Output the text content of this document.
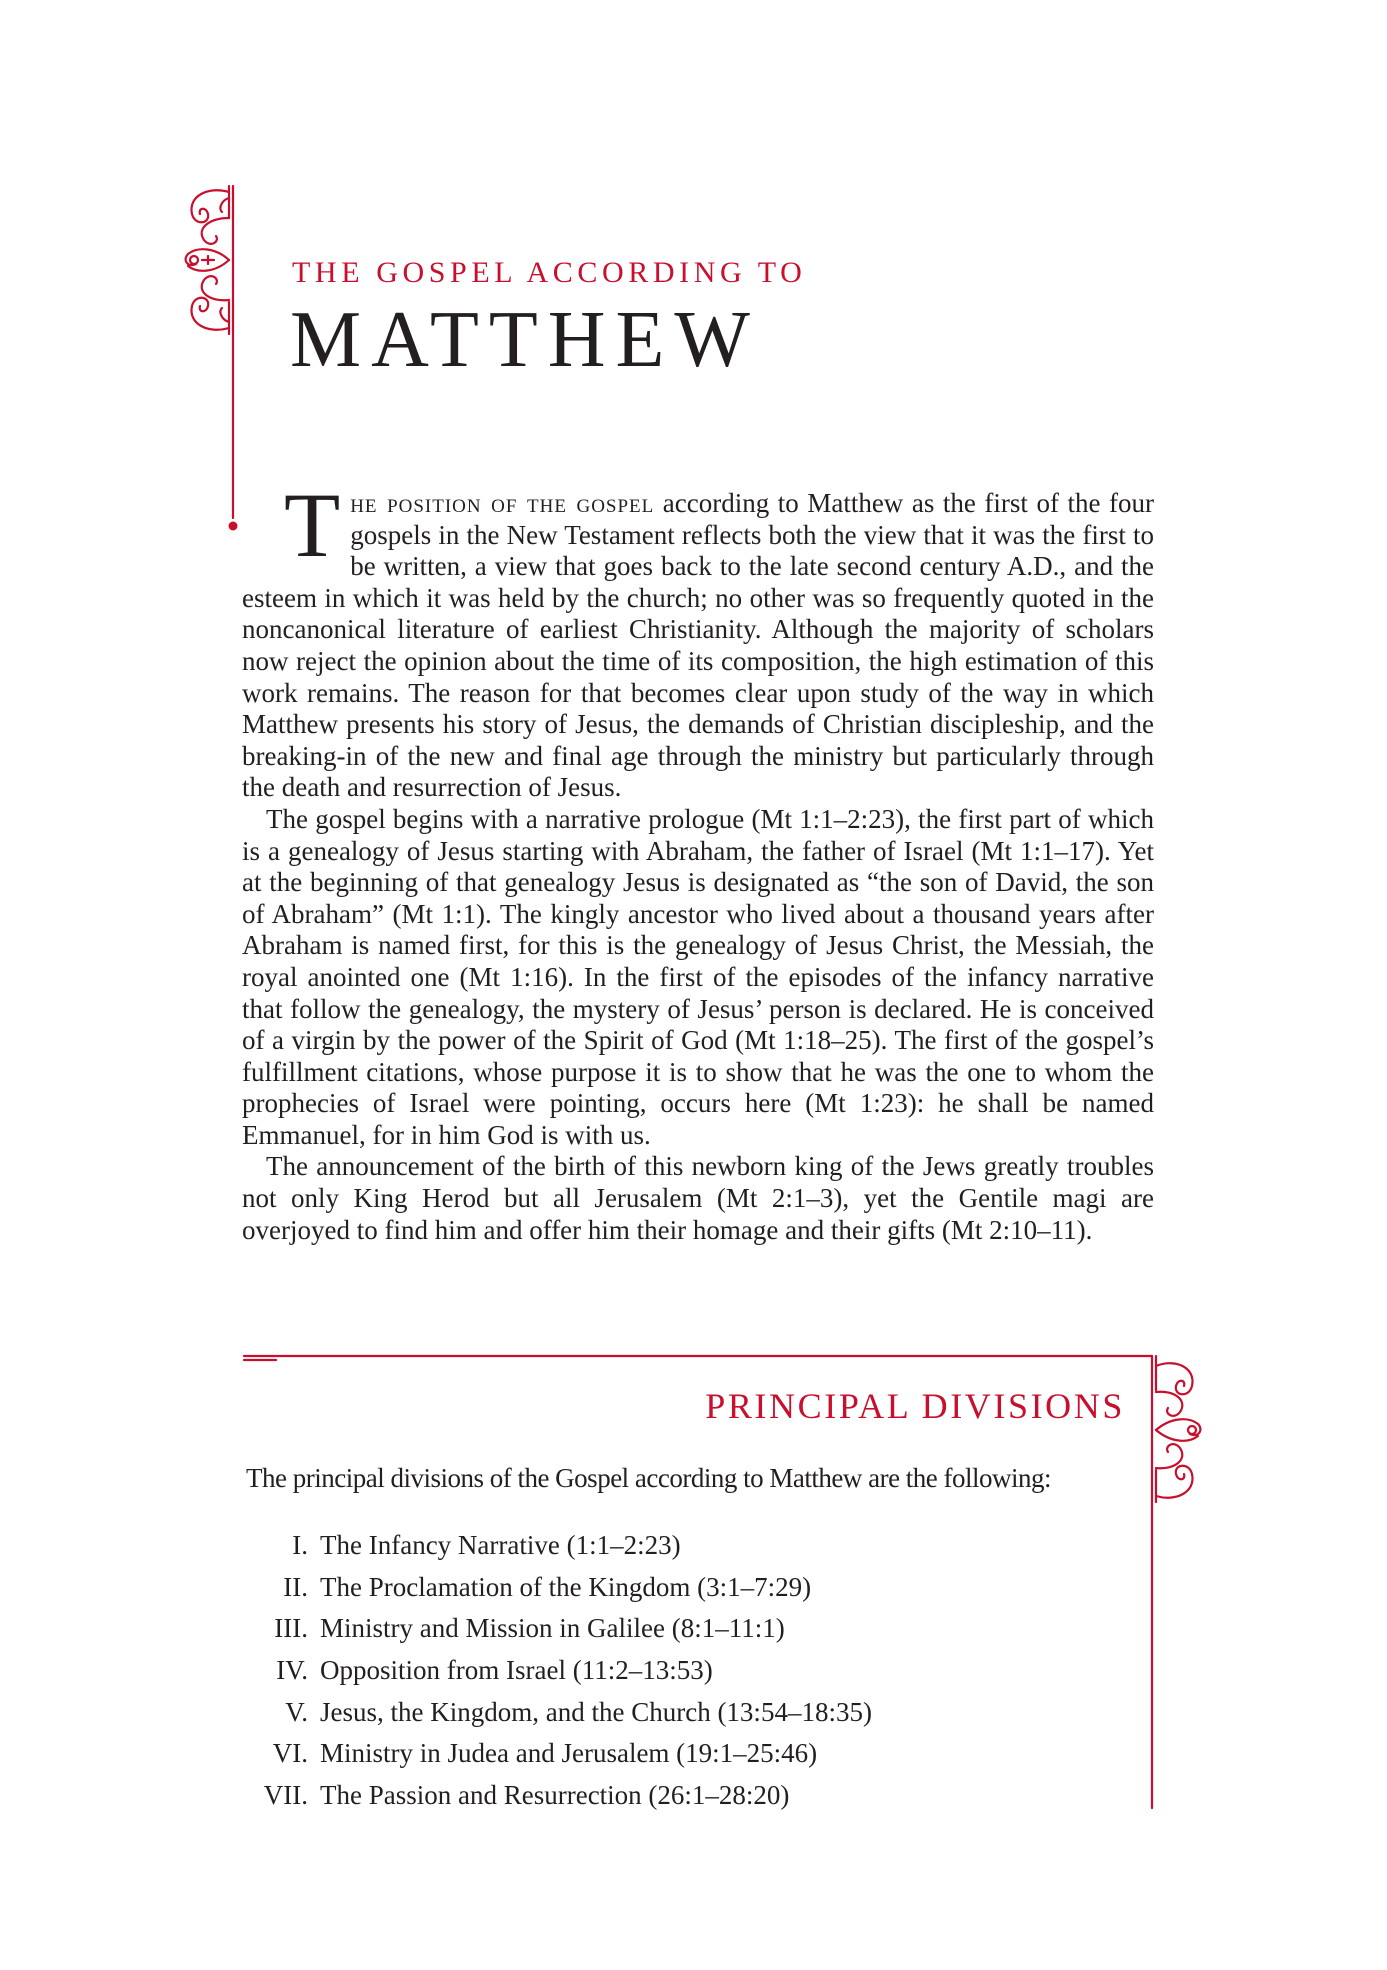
THE GOSPEL ACCORDING TO
MATTHEW

The position of the gospel according to Matthew as the first of the four gospels in the New Testament reflects both the view that it was the first to be written, a view that goes back to the late second century A.D., and the esteem in which it was held by the church; no other was so frequently quoted in the noncanonical literature of earliest Christianity. Although the majority of scholars now reject the opinion about the time of its composition, the high estimation of this work remains. The reason for that becomes clear upon study of the way in which Matthew presents his story of Jesus, the demands of Christian discipleship, and the breaking-in of the new and final age through the ministry but particularly through the death and resurrection of Jesus.

The gospel begins with a narrative prologue (Mt 1:1–2:23), the first part of which is a genealogy of Jesus starting with Abraham, the father of Israel (Mt 1:1–17). Yet at the beginning of that genealogy Jesus is designated as “the son of David, the son of Abraham” (Mt 1:1). The kingly ancestor who lived about a thousand years after Abraham is named first, for this is the genealogy of Jesus Christ, the Messiah, the royal anointed one (Mt 1:16). In the first of the episodes of the infancy narrative that follow the genealogy, the mystery of Jesus’ person is declared. He is conceived of a virgin by the power of the Spirit of God (Mt 1:18–25). The first of the gospel’s fulfillment citations, whose purpose it is to show that he was the one to whom the prophecies of Israel were pointing, occurs here (Mt 1:23): he shall be named Emmanuel, for in him God is with us.

The announcement of the birth of this newborn king of the Jews greatly troubles not only King Herod but all Jerusalem (Mt 2:1–3), yet the Gentile magi are overjoyed to find him and offer him their homage and their gifts (Mt 2:10–11).

PRINCIPAL DIVISIONS

The principal divisions of the Gospel according to Matthew are the following:

I. The Infancy Narrative (1:1–2:23)
II. The Proclamation of the Kingdom (3:1–7:29)
III. Ministry and Mission in Galilee (8:1–11:1)
IV. Opposition from Israel (11:2–13:53)
V. Jesus, the Kingdom, and the Church (13:54–18:35)
VI. Ministry in Judea and Jerusalem (19:1–25:46)
VII. The Passion and Resurrection (26:1–28:20)
